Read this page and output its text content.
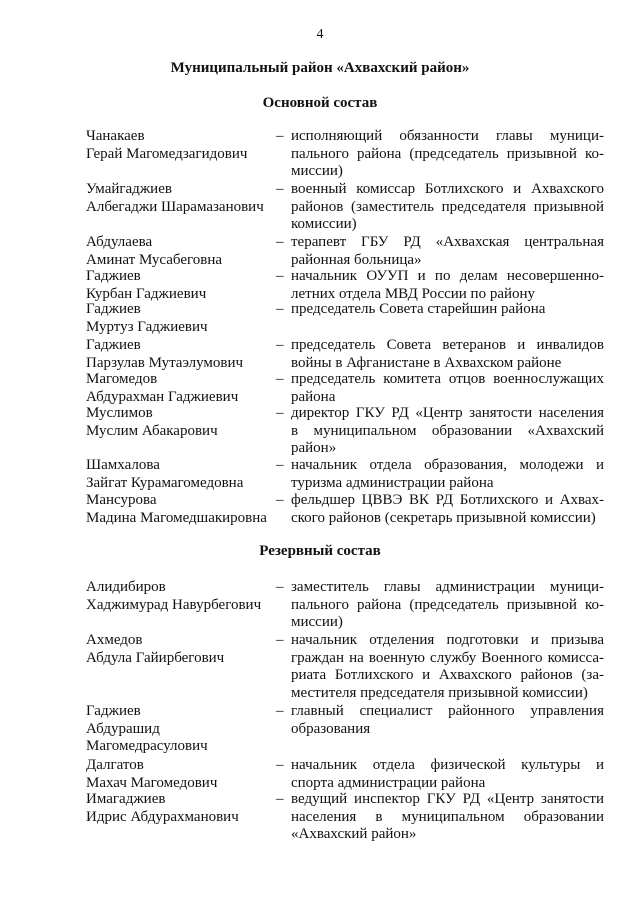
4
Муниципальный район «Ахвахский район»
Основной состав
Резервный состав
Чанакаев
Герай Магомедзагидович
– исполняющий обязанности главы муници-
пального района (председатель призывной ко-
миссии)
Умайгаджиев
Албегаджи Шарамазанович
– военный комиссар Ботлихского и Ахвахского
районов (заместитель председателя призывной
комиссии)
Абдулаева
Аминат Мусабеговна
– терапевт ГБУ РД «Ахвахская центральная
районная больница»
Гаджиев
Курбан Гаджиевич
– начальник ОУУП и по делам несовершенно-
летних отдела МВД России по району
Гаджиев
Муртуз Гаджиевич
– председатель Совета старейшин района
Гаджиев
Парзулав Мутаэлумович
– председатель Совета ветеранов и инвалидов
войны в Афганистане в Ахвахском районе
Магомедов
Абдурахман Гаджиевич
– председатель комитета отцов военнослужащих
района
Муслимов
Муслим Абакарович
– директор ГКУ РД «Центр занятости населения
в муниципальном образовании «Ахвахский
район»
Шамхалова
Зайгат Курамагомедовна
– начальник отдела образования, молодежи и
туризма администрации района
Мансурова
Мадина Магомедшакировна
– фельдшер ЦВВЭ ВК РД Ботлихского и Ахвах-
ского районов (секретарь призывной комиссии)
Алидибиров
Хаджимурад Навурбегович
– заместитель главы администрации муници-
пального района (председатель призывной ко-
миссии)
Ахмедов
Абдула Гайирбегович
– начальник отделения подготовки и призыва
граждан на военную службу Военного комисса-
риата Ботлихского и Ахвахского районов (за-
местителя председателя призывной комиссии)
Гаджиев
Абдурашид
Магомедрасулович
– главный специалист районного управления
образования
Далгатов
Махач Магомедович
– начальник отдела физической культуры и
спорта администрации района
Имагаджиев
Идрис Абдурахманович
– ведущий инспектор ГКУ РД «Центр занятости
населения в муниципальном образовании
«Ахвахский район»
